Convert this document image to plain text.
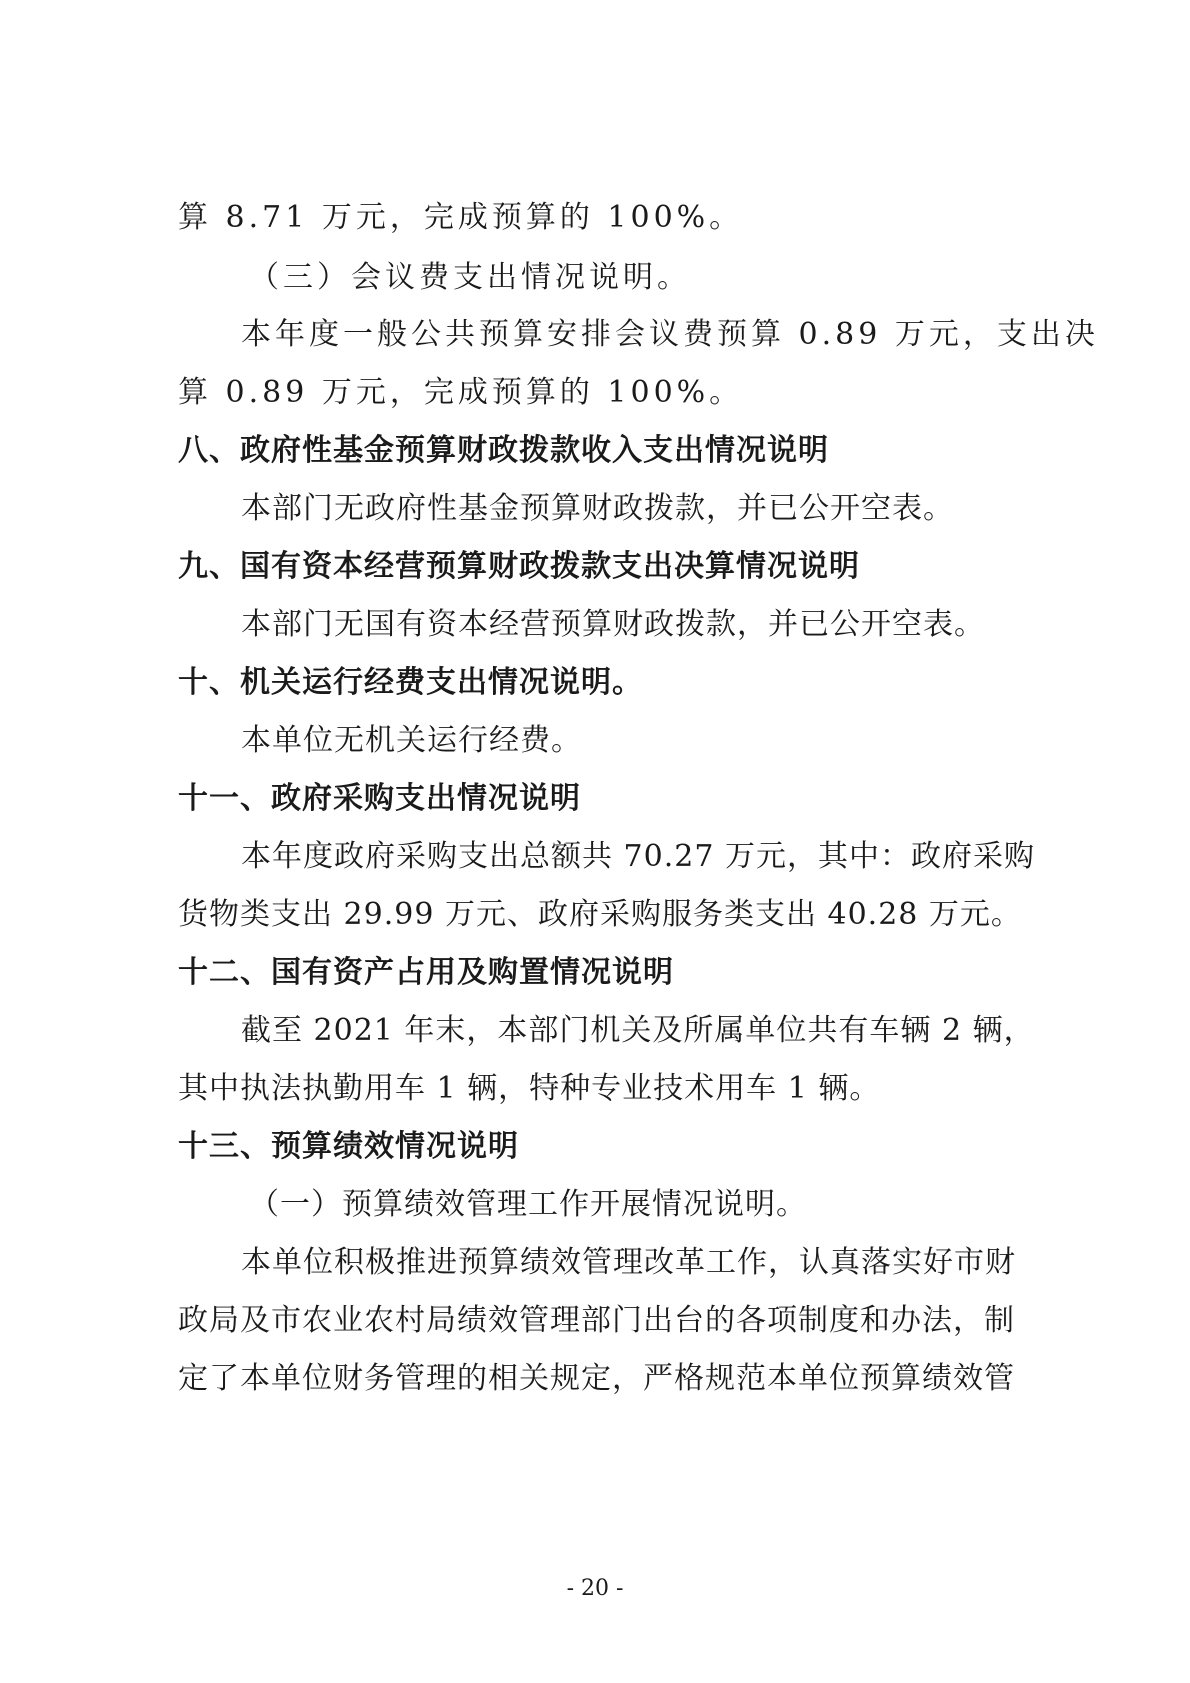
算 8.71 万元，完成预算的 100%。
（三）会议费支出情况说明。
本年度一般公共预算安排会议费预算 0.89 万元，支出决
算 0.89 万元，完成预算的 100%。
八、政府性基金预算财政拨款收入支出情况说明
本部门无政府性基金预算财政拨款，并已公开空表。
九、国有资本经营预算财政拨款支出决算情况说明
本部门无国有资本经营预算财政拨款，并已公开空表。
十、机关运行经费支出情况说明。
本单位无机关运行经费。
十一、政府采购支出情况说明
本年度政府采购支出总额共 70.27 万元，其中：政府采购
货物类支出 29.99 万元、政府采购服务类支出 40.28 万元。
十二、国有资产占用及购置情况说明
截至 2021 年末，本部门机关及所属单位共有车辆 2 辆，
其中执法执勤用车 1 辆，特种专业技术用车 1 辆。
十三、预算绩效情况说明
（一）预算绩效管理工作开展情况说明。
本单位积极推进预算绩效管理改革工作，认真落实好市财
政局及市农业农村局绩效管理部门出台的各项制度和办法，制
定了本单位财务管理的相关规定，严格规范本单位预算绩效管
- 20 -
